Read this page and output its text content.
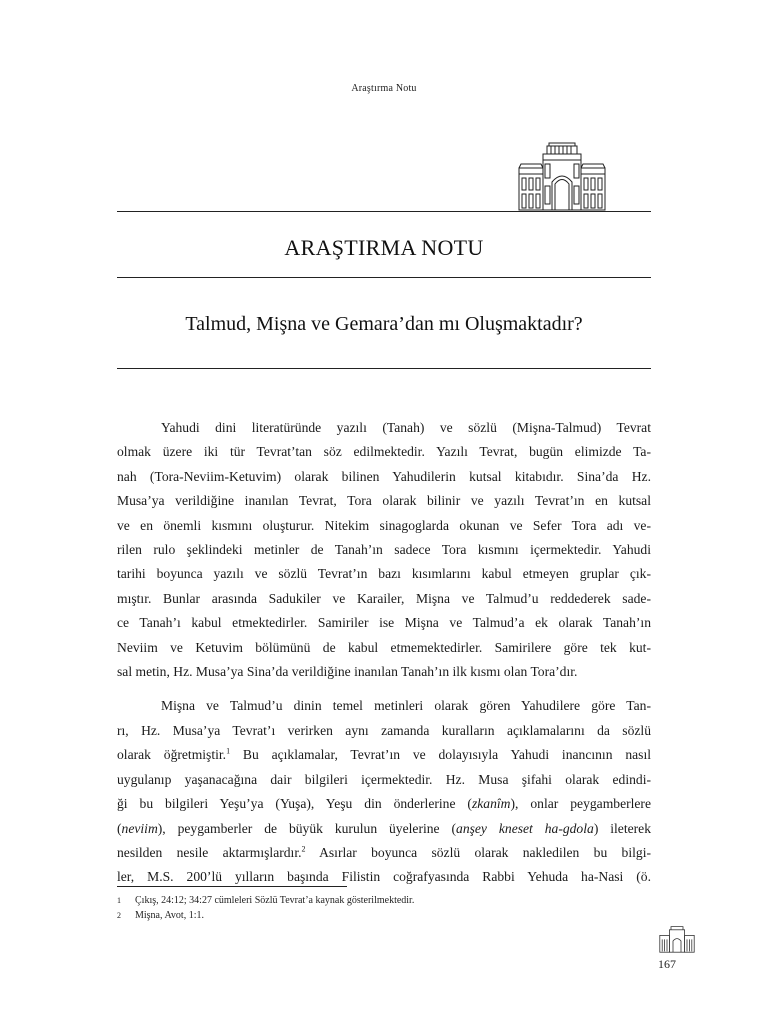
Araştırma Notu
ARAŞTIRMA NOTU
Talmud, Mişna ve Gemara’dan mı Oluşmaktadır?
Yahudi dini literatüründe yazılı (Tanah) ve sözlü (Mişna-Talmud) Tevrat
olmak üzere iki tür Tevrat’tan söz edilmektedir. Yazılı Tevrat, bugün elimizde Ta-
nah (Tora-Neviim-Ketuvim) olarak bilinen Yahudilerin kutsal kitabıdır. Sina’da Hz.
Musa’ya verildiğine inanılan Tevrat, Tora olarak bilinir ve yazılı Tevrat’ın en kutsal
ve en önemli kısmını oluşturur. Nitekim sinagoglarda okunan ve Sefer Tora adı ve-
rilen rulo şeklindeki metinler de Tanah’ın sadece Tora kısmını içermektedir. Yahudi
tarihi boyunca yazılı ve sözlü Tevrat’ın bazı kısımlarını kabul etmeyen gruplar çık-
mıştır. Bunlar arasında Sadukiler ve Karailer, Mişna ve Talmud’u reddederek sade-
ce Tanah’ı kabul etmektedirler. Samiriler ise Mişna ve Talmud’a ek olarak Tanah’ın
Neviim ve Ketuvim bölümünü de kabul etmemektedirler. Samirilere göre tek kut-
sal metin, Hz. Musa’ya Sina’da verildiğine inanılan Tanah’ın ilk kısmı olan Tora’dır.
Mişna ve Talmud’u dinin temel metinleri olarak gören Yahudilere göre Tan-
rı, Hz. Musa’ya Tevrat’ı verirken aynı zamanda kuralların açıklamalarını da sözlü
olarak öğretmiştir.$^1$ Bu açıklamalar, Tevrat’ın ve dolayısıyla Yahudi inancının nasıl
uygulanıp yaşanacağına dair bilgileri içermektedir. Hz. Musa şifahi olarak edindi-
ği bu bilgileri Yeşu’ya (Yuşa), Yeşu din önderlerine (zkanîm), onlar peygamberlere
(neviim), peygamberler de büyük kurulun üyelerine (anşey kneset ha-gdola) ileterek
nesilden nesile aktarmışlardır.$^2$ Asırlar boyunca sözlü olarak nakledilen bu bilgi-
ler, M.S. 200’lü yılların başında Filistin coğrafyasında Rabbi Yehuda ha-Nasi (ö.
1	Çıkış, 24:12; 34:27 cümleleri Sözlü Tevrat’a kaynak gösterilmektedir.
2	Mişna, Avot, 1:1.
167
